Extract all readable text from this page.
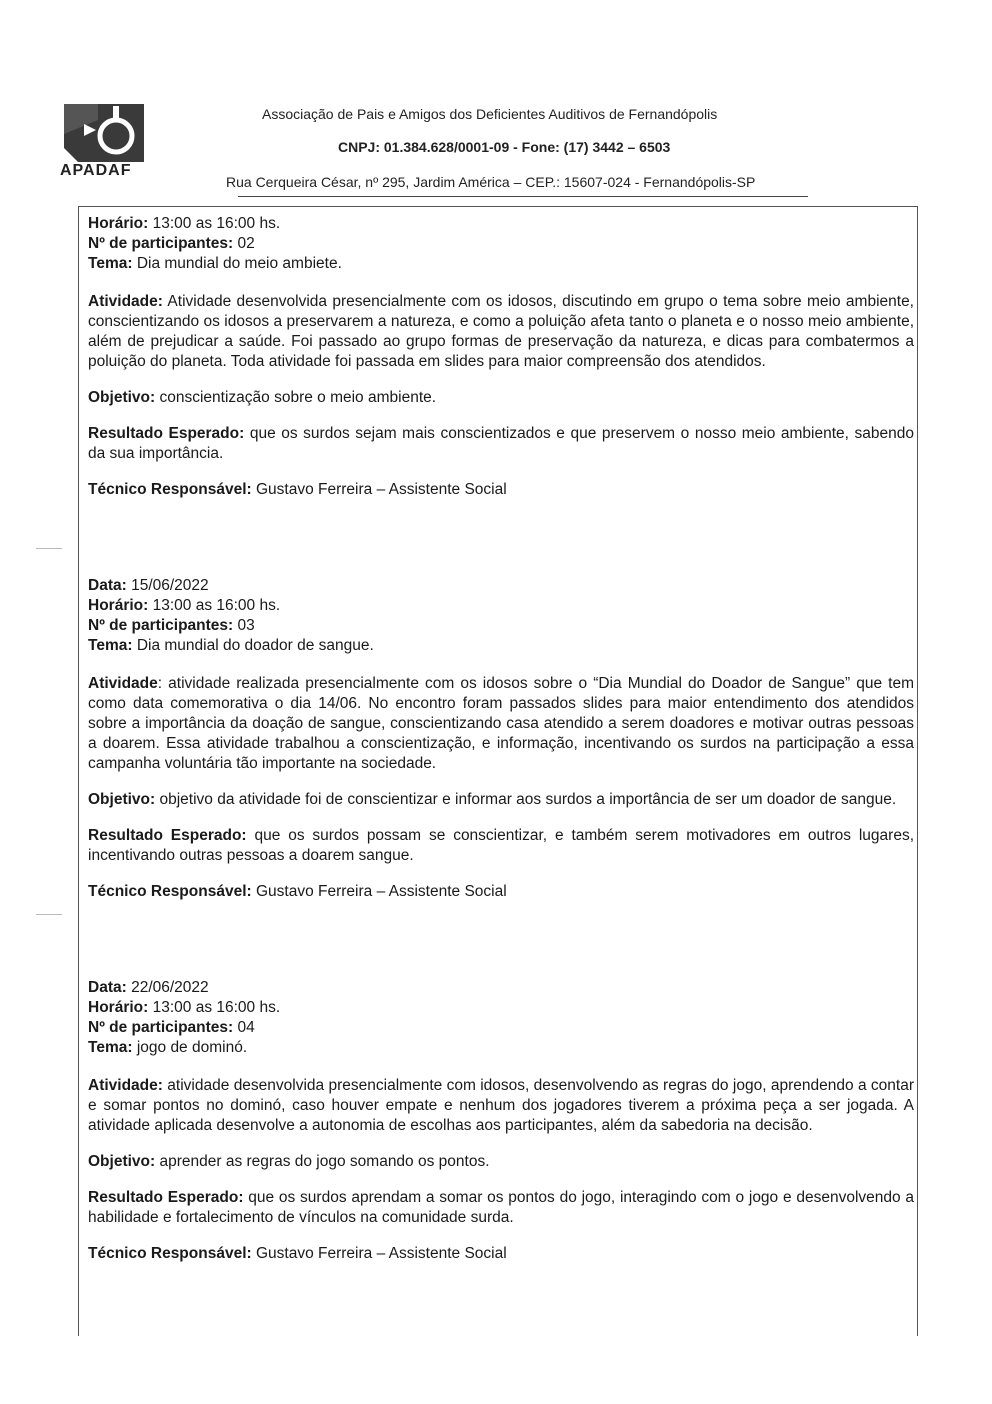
APADAF
Associação de Pais e Amigos dos Deficientes Auditivos de Fernandópolis
CNPJ: 01.384.628/0001-09 - Fone: (17) 3442 – 6503
Rua Cerqueira César, nº 295, Jardim América – CEP.: 15607-024 - Fernandópolis-SP

Horário: 13:00 as 16:00 hs.

Nº de participantes: 02

Tema: Dia mundial do meio ambiete.

Atividade: Atividade desenvolvida presencialmente com os idosos, discutindo em grupo o tema sobre meio ambiente, conscientizando os idosos a preservarem a natureza, e como a poluição afeta tanto o planeta e o nosso meio ambiente, além de prejudicar a saúde. Foi passado ao grupo formas de preservação da natureza, e dicas para combatermos a poluição do planeta. Toda atividade foi passada em slides para maior compreensão dos atendidos.

Objetivo: conscientização sobre o meio ambiente.

Resultado Esperado: que os surdos sejam mais conscientizados e que preservem o nosso meio ambiente, sabendo da sua importância.

Técnico Responsável: Gustavo Ferreira – Assistente Social

Data: 15/06/2022

Horário: 13:00 as 16:00 hs.

Nº de participantes: 03

Tema: Dia mundial do doador de sangue.

Atividade: atividade realizada presencialmente com os idosos sobre o “Dia Mundial do Doador de Sangue” que tem como data comemorativa o dia 14/06. No encontro foram passados slides para maior entendimento dos atendidos sobre a importância da doação de sangue, conscientizando casa atendido a serem doadores e motivar outras pessoas a doarem. Essa atividade trabalhou a conscientização, e informação, incentivando os surdos na participação a essa campanha voluntária tão importante na sociedade.

Objetivo: objetivo da atividade foi de conscientizar e informar aos surdos a importância de ser um doador de sangue.

Resultado Esperado: que os surdos possam se conscientizar, e também serem motivadores em outros lugares, incentivando outras pessoas a doarem sangue.

Técnico Responsável: Gustavo Ferreira – Assistente Social

Data: 22/06/2022

Horário: 13:00 as 16:00 hs.

Nº de participantes: 04

Tema: jogo de dominó.

Atividade: atividade desenvolvida presencialmente com idosos, desenvolvendo as regras do jogo, aprendendo a contar e somar pontos no dominó, caso houver empate e nenhum dos jogadores tiverem a próxima peça a ser jogada. A atividade aplicada desenvolve a autonomia de escolhas aos participantes, além da sabedoria na decisão.

Objetivo: aprender as regras do jogo somando os pontos.

Resultado Esperado: que os surdos aprendam a somar os pontos do jogo, interagindo com o jogo e desenvolvendo a habilidade e fortalecimento de vínculos na comunidade surda.

Técnico Responsável: Gustavo Ferreira – Assistente Social
